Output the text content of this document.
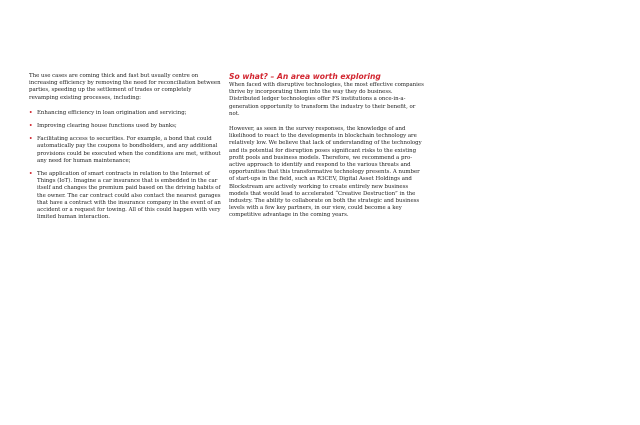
The use cases are coming thick and fast but usually centre on increasing efficiency by removing the need for reconciliation between parties, speeding up the settlement of trades or completely revamping existing processes, including:

• Enhancing efficiency in loan origination and servicing;
• Improving clearing house functions used by banks;
• Facilitating access to securities. For example, a bond that could automatically pay the coupons to bondholders, and any additional provisions could be executed when the conditions are met, without any need for human maintenance;
• The application of smart contracts in relation to the Internet of Things (IoT). Imagine a car insurance that is embedded in the car itself and changes the premium paid based on the driving habits of the owner. The car contract could also contact the nearest garages that have a contract with the insurance company in the event of an accident or a request for towing. All of this could happen with very limited human interaction.
So what? – An area worth exploring

When faced with disruptive technologies, the most effective companies thrive by incorporating them into the way they do business. Distributed ledger technologies offer FS institutions a once-in-a-generation opportunity to transform the industry to their benefit, or not.

However, as seen in the survey responses, the knowledge of and likelihood to react to the developments in blockchain technology are relatively low. We believe that lack of understanding of the technology and its potential for disruption poses significant risks to the existing profit pools and business models. Therefore, we recommend a pro-active approach to identify and respond to the various threats and opportunities that this transformative technology presents. A number of start-ups in the field, such as R3CEV, Digital Asset Holdings and Blockstream are actively working to create entirely new business models that would lead to accelerated “Creative Destruction” in the industry. The ability to collaborate on both the strategic and business levels with a few key partners, in our view, could become a key competitive advantage in the coming years.
